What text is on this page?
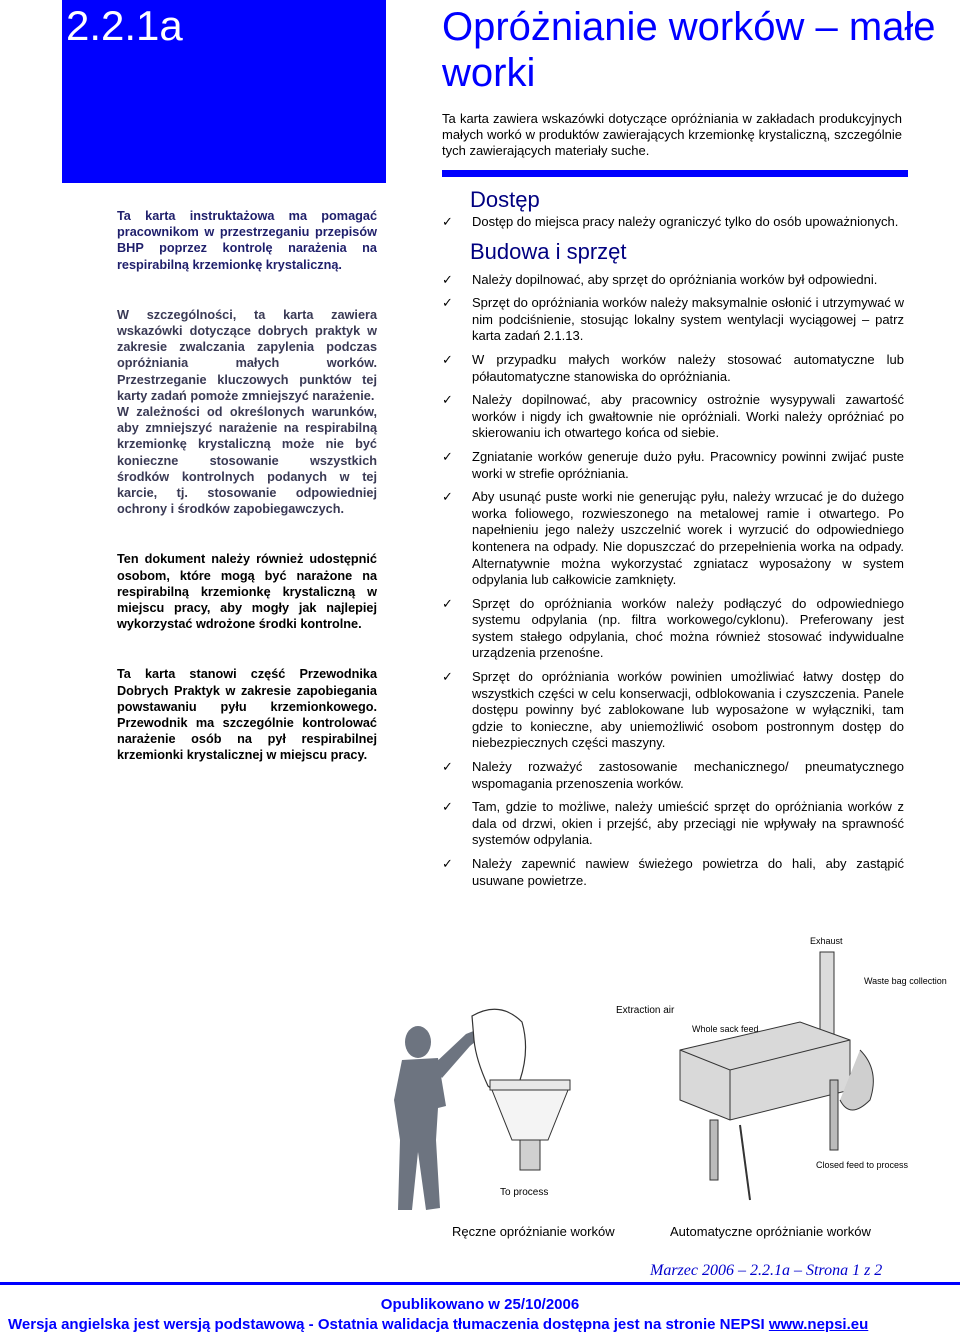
2.2.1a	Opróżnianie worków – małe worki
Ta karta zawiera wskazówki dotyczące opróżniania w zakładach produkcyjnych małych workó w produktów zawierających krzemionkę krystaliczną, szczególnie tych zawierających materiały suche.

Ta karta instruktażowa ma pomagać pracownikom w przestrzeganiu przepisów BHP poprzez kontrolę narażenia na respirabilną krzemionkę krystaliczną.

W szczególności, ta karta zawiera wskazówki dotyczące dobrych praktyk w zakresie zwalczania zapylenia podczas opróżniania małych worków. Przestrzeganie kluczowych punktów tej karty zadań pomoże zmniejszyć narażenie.

W zależności od określonych warunków, aby zmniejszyć narażenie na respirabilną krzemionkę krystaliczną może nie być konieczne stosowanie wszystkich środków kontrolnych podanych w tej karcie, tj. stosowanie odpowiedniej ochrony i środków zapobiegawczych.

Ten dokument należy również udostępnić osobom, które mogą być narażone na respirabilną krzemionkę krystaliczną w miejscu pracy, aby mogły jak najlepiej wykorzystać wdrożone środki kontrolne.

Ta karta stanowi część Przewodnika Dobrych Praktyk w zakresie zapobiegania powstawaniu pyłu krzemionkowego. Przewodnik ma szczególnie kontrolować narażenie osób na pył respirabilnej krzemionki krystalicznej w miejscu pracy.

Dostęp
✓ Dostęp do miejsca pracy należy ograniczyć tylko do osób upoważnionych.
Budowa i sprzęt
✓ Należy dopilnować, aby sprzęt do opróżniania worków był odpowiedni.
✓ Sprzęt do opróżniania worków należy maksymalnie osłonić i utrzymywać w nim podciśnienie, stosując lokalny system wentylacji wyciągowej – patrz karta zadań 2.1.13.
✓ W przypadku małych worków należy stosować automatyczne lub półautomatyczne stanowiska do opróżniania.
✓ Należy dopilnować, aby pracownicy ostrożnie wysypywali zawartość worków i nigdy ich gwałtownie nie opróżniali. Worki należy opróżniać po skierowaniu ich otwartego końca od siebie.
✓ Zgniatanie worków generuje dużo pyłu. Pracownicy powinni zwijać puste worki w strefie opróżniania.
✓ Aby usunąć puste worki nie generując pyłu, należy wrzucać je do dużego worka foliowego, rozwieszonego na metalowej ramie i otwartego. Po napełnieniu jego należy uszczelnić worek i wyrzucić do odpowiedniego kontenera na odpady. Nie dopuszczać do przepełnienia worka na odpady. Alternatywnie można wykorzystać zgniatacz wyposażony w system odpylania lub całkowicie zamknięty.
✓ Sprzęt do opróżniania worków należy podłączyć do odpowiedniego systemu odpylania (np. filtra workowego/cyklonu). Preferowany jest system stałego odpylania, choć można również stosować indywidualne urządzenia przenośne.
✓ Sprzęt do opróżniania worków powinien umożliwiać łatwy dostęp do wszystkich części w celu konserwacji, odblokowania i czyszczenia. Panele dostępu powinny być zablokowane lub wyposażone w wyłączniki, tam gdzie to konieczne, aby uniemożliwić osobom postronnym dostęp do niebezpiecznych części maszyny.
✓ Należy rozważyć zastosowanie mechanicznego/ pneumatycznego wspomagania przenoszenia worków.
✓ Tam, gdzie to możliwe, należy umieścić sprzęt do opróżniania worków z dala od drzwi, okien i przejść, aby przeciągi nie wpływały na sprawność systemów odpylania.
✓ Należy zapewnić nawiew świeżego powietrza do hali, aby zastąpić usuwane powietrze.
To process
Exhaust
Waste bag collection
Extraction air
Whole sack feed
Closed feed to process
Ręczne opróżnianie worków	Automatyczne opróżnianie worków
Marzec 2006 – 2.2.1a – Strona 1 z 2
Opublikowano w 25/10/2006
Wersja angielska jest wersją podstawową - Ostatnia walidacja tłumaczenia dostępna jest na stronie NEPSI www.nepsi.eu
